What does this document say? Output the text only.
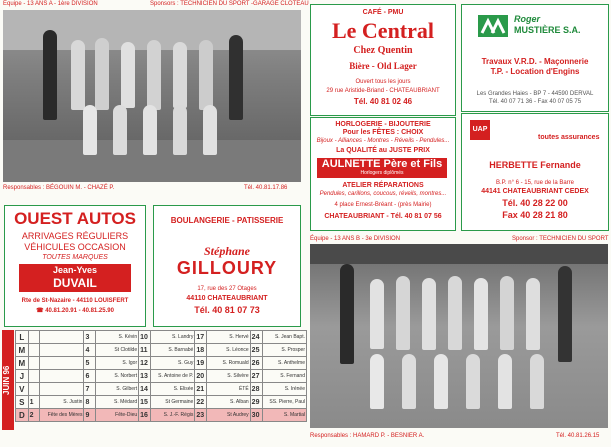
Equipe - 13 ANS A - 1ère DIVISION	Sponsors : TECHNICIEN DU SPORT -GARAGE CLOTEAU
Responsables : BÉGOUIN M. - CHAZÉ P.	Tél. 40.81.17.86
CAFÉ - PMU
Le Central
Chez Quentin
Bière - Old Lager
Ouvert tous les jours
29 rue Aristide-Briand - CHATEAUBRIANT
Tél. 40 81 02 46
HORLOGERIE - BIJOUTERIE
Pour les FÊTES : CHOIX
Bijoux - Alliances - Montres - Réveils - Pendules...
La QUALITÉ au JUSTE PRIX
AULNETTE Père et Fils
Horlogers diplômés
ATELIER RÉPARATIONS
Pendules, carillons, coucous, réveils, montres...
4 place Ernest-Bréant - (près Mairie)
CHATEAUBRIANT - Tél. 40 81 07 56
Roger
MUSTIÈRE S.A.
Travaux V.R.D. - Maçonnerie
T.P. - Location d'Engins
Les Grandes Haies - BP 7 - 44590 DERVAL
Tél. 40 07 71 36 - Fax 40 07 05 75
UAP
toutes assurances
HERBETTE Fernande
B.P. n° 6 - 15, rue de la Barre
44141 CHATEAUBRIANT CEDEX
Tél. 40 28 22 00
Fax 40 28 21 80
OUEST AUTOS
ARRIVAGES RÉGULIERS
VÉHICULES OCCASION
TOUTES MARQUES
Jean-Yves
DUVAIL
Rte de St-Nazaire - 44110 LOUISFERT
☎ 40.81.20.91 - 40.81.25.90
BOULANGERIE - PATISSERIE
Stéphane
GILLOURY
17, rue des 27 Otages
44110 CHATEAUBRIANT
Tél. 40 81 07 73
Équipe - 13 ANS B - 3e DIVISION	Sponsor : TECHNICIEN DU SPORT
Responsables : HAMARD P. - BESNIER A.	Tél. 40.81.26.15
JUIN 96
L			3	S. Kévin	10	S. Landry	17	S. Hervé	24	S. Jean Bapt.
M			4	St Clotilde	11	S. Barnabé	18	S. Léonce	25	S. Prosper
M			5	S. Igor	12	S. Guy	19	S. Romuald	26	S. Anthelme
J			6	S. Norbert	13	S. Antoine de P.	20	S. Silvère	27	S. Fernand
V			7	S. Gilbert	14	S. Elisée	21	ÉTÉ	28	S. Irénée
S	1	S. Justin	8	S. Médard	15	St Germaine	22	S. Alban	29	SS. Pierre, Paul
D	2	Fête des Mères	9	Fête-Dieu	16	S. J.-F. Régis	23	St Audrey	30	S. Martial
